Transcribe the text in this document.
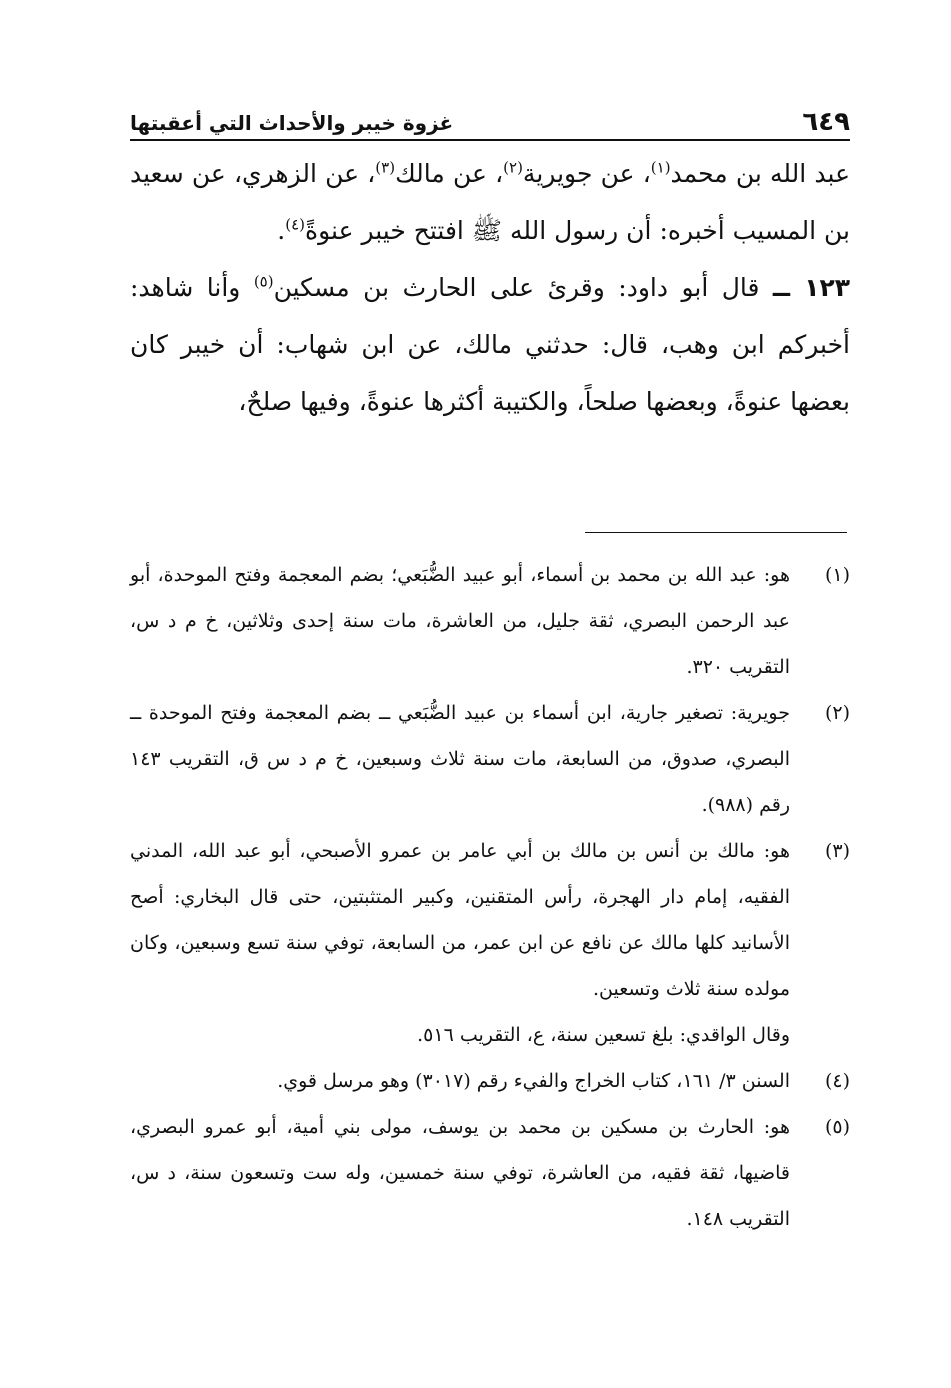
٦٤٩
غزوة خيبر والأحداث التي أعقبتها

عبد الله بن محمد$^{(١)}$، عن جويرية$^{(٢)}$، عن مالك$^{(٣)}$، عن الزهري، عن سعيد بن المسيب أخبره: أن رسول الله ﷺ افتتح خيبر عنوةً$^{(٤)}$.

١٢٣ ــ قال أبو داود: وقرئ على الحارث بن مسكين$^{(٥)}$ وأنا شاهد: أخبركم ابن وهب، قال: حدثني مالك، عن ابن شهاب: أن خيبر كان بعضها عنوةً، وبعضها صلحاً، والكتيبة أكثرها عنوةً، وفيها صلحٌ،

(١)
هو: عبد الله بن محمد بن أسماء، أبو عبيد الضُّبَعي؛ بضم المعجمة وفتح الموحدة، أبو عبد الرحمن البصري، ثقة جليل، من العاشرة، مات سنة إحدى وثلاثين، خ م د س، التقريب ٣٢٠.
(٢)
جويرية: تصغير جارية، ابن أسماء بن عبيد الضُّبَعي ــ بضم المعجمة وفتح الموحدة ــ البصري، صدوق، من السابعة، مات سنة ثلاث وسبعين، خ م د س ق، التقريب ١٤٣ رقم (٩٨٨).
(٣)
هو: مالك بن أنس بن مالك بن أبي عامر بن عمرو الأصبحي، أبو عبد الله، المدني الفقيه، إمام دار الهجرة، رأس المتقنين، وكبير المتثبتين، حتى قال البخاري: أصح الأسانيد كلها مالك عن نافع عن ابن عمر، من السابعة، توفي سنة تسع وسبعين، وكان مولده سنة ثلاث وتسعين.
وقال الواقدي: بلغ تسعين سنة، ع، التقريب ٥١٦.
(٤)
السنن ٣/ ١٦١، كتاب الخراج والفيء رقم (٣٠١٧) وهو مرسل قوي.
(٥)
هو: الحارث بن مسكين بن محمد بن يوسف، مولى بني أمية، أبو عمرو البصري، قاضيها، ثقة فقيه، من العاشرة، توفي سنة خمسين، وله ست وتسعون سنة، د س، التقريب ١٤٨.
